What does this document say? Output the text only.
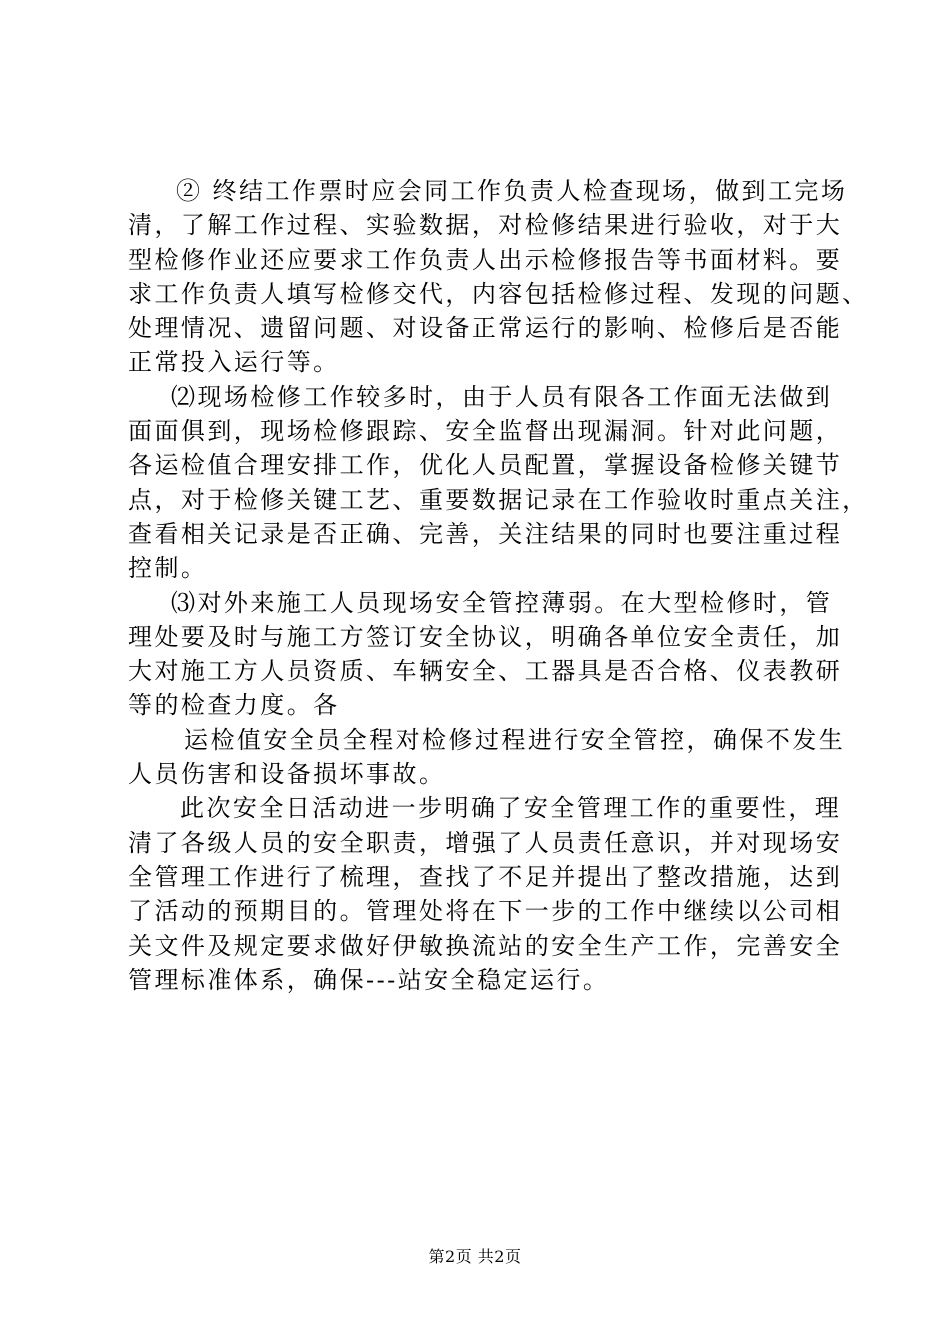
② 终结工作票时应会同工作负责人检查现场，做到工完场
清，了解工作过程、实验数据，对检修结果进行验收，对于大
型检修作业还应要求工作负责人出示检修报告等书面材料。要
求工作负责人填写检修交代，内容包括检修过程、发现的问题、
处理情况、遗留问题、对设备正常运行的影响、检修后是否能
正常投入运行等。
⑵现场检修工作较多时，由于人员有限各工作面无法做到
面面俱到，现场检修跟踪、安全监督出现漏洞。针对此问题，
各运检值合理安排工作，优化人员配置，掌握设备检修关键节
点，对于检修关键工艺、重要数据记录在工作验收时重点关注，
查看相关记录是否正确、完善，关注结果的同时也要注重过程
控制。
⑶对外来施工人员现场安全管控薄弱。在大型检修时，管
理处要及时与施工方签订安全协议，明确各单位安全责任，加
大对施工方人员资质、车辆安全、工器具是否合格、仪表教研
等的检查力度。各
运检值安全员全程对检修过程进行安全管控，确保不发生
人员伤害和设备损坏事故。
此次安全日活动进一步明确了安全管理工作的重要性，理
清了各级人员的安全职责，增强了人员责任意识，并对现场安
全管理工作进行了梳理，查找了不足并提出了整改措施，达到
了活动的预期目的。管理处将在下一步的工作中继续以公司相
关文件及规定要求做好伊敏换流站的安全生产工作，完善安全
管理标准体系，确保---站安全稳定运行。
第2页 共2页
